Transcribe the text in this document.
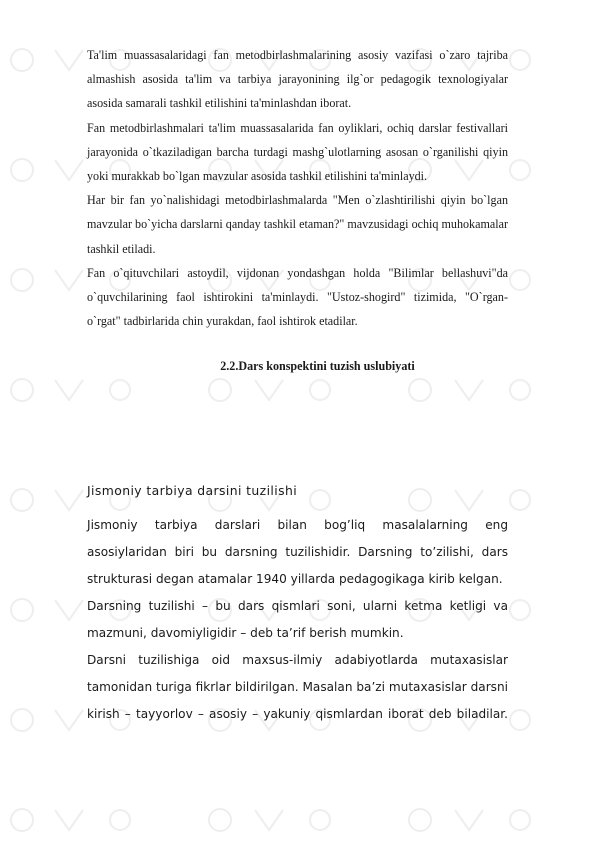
Ta'lim muassasalaridagi fan metodbirlashmalarining asosiy vazifasi o`zaro tajriba almashish asosida ta'lim va tarbiya jarayonining ilg`or pedagogik texnologiyalar asosida samarali tashkil etilishini ta'minlashdan iborat.

Fan metodbirlashmalari ta'lim muassasalarida fan oyliklari, ochiq darslar festivallari jarayonida o`tkaziladigan barcha turdagi mashg`ulotlarning asosan o`rganilishi qiyin yoki murakkab bo`lgan mavzular asosida tashkil etilishini ta'minlaydi.

Har bir fan yo`nalishidagi metodbirlashmalarda "Men o`zlashtirilishi qiyin bo`lgan mavzular bo`yicha darslarni qanday tashkil etaman?" mavzusidagi ochiq muhokamalar tashkil etiladi.

Fan o`qituvchilari astoydil, vijdonan yondashgan holda "Bilimlar bellashuvi"da o`quvchilarining faol ishtirokini ta'minlaydi. "Ustoz-shogird" tizimida, "O`rgan-o`rgat" tadbirlarida chin yurakdan, faol ishtirok etadilar.

2.2.Dars konspektini tuzish uslubiyati

Jismoniy tarbiya darsini tuzilishi

Jismoniy tarbiya darslari bilan bog’liq masalalarning eng asosiylaridan biri bu darsning tuzilishidir. Darsning to’zilishi, dars strukturasi degan atamalar 1940 yillarda pedagogikaga kirib kelgan.

Darsning tuzilishi – bu dars qismlari soni, ularni ketma ketligi va mazmuni, davomiyligidir – deb ta’rif berish mumkin.

Darsni tuzilishiga oid maxsus-ilmiy adabiyotlarda mutaxasislar tamonidan turiga fikrlar bildirilgan. Masalan ba’zi mutaxasislar darsni kirish – tayyorlov – asosiy – yakuniy qismlardan iborat deb biladilar.
